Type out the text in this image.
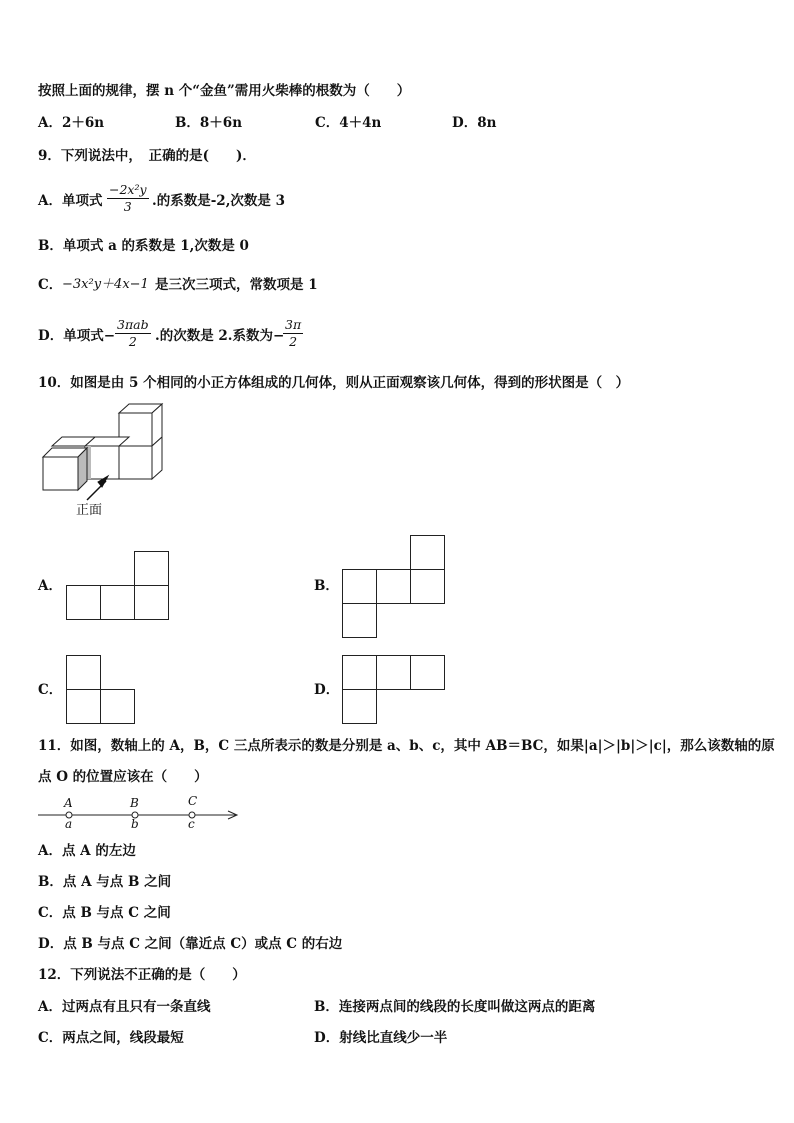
按照上面的规律，摆 n 个“金鱼”需用火柴棒的根数为（　　）
A．2＋6n	B．8＋6n	C．4＋4n	D．8n
9．下列说法中，　正确的是(　　)．
A．单项式 $\frac{\text{−2x²y}}{3}$ .的系数是-2,次数是 3
B．单项式 a 的系数是 1,次数是 0
C． −3x²y＋4x−1 是三次三项式，常数项是 1
D．单项式−
3πab
2 .的次数是 2.系数为−
$\frac{3\pi}{2}$
10．如图是由 5 个相同的小正方体组成的几何体，则从正面观察该几何体，得到的形状图是（　）
正面
A．	B．
C．	D．
11．如图，数轴上的 A，B，C 三点所表示的数是分别是 a、b、c，其中 AB＝BC，如果|a|＞|b|＞|c|，那么该数轴的原
点 O 的位置应该在（　　）
A	B	C
a	b	c
A．点 A 的左边
B．点 A 与点 B 之间
C．点 B 与点 C 之间
D．点 B 与点 C 之间（靠近点 C）或点 C 的右边
12．下列说法不正确的是（　　）
A．过两点有且只有一条直线	B．连接两点间的线段的长度叫做这两点的距离
C．两点之间，线段最短	D．射线比直线少一半
